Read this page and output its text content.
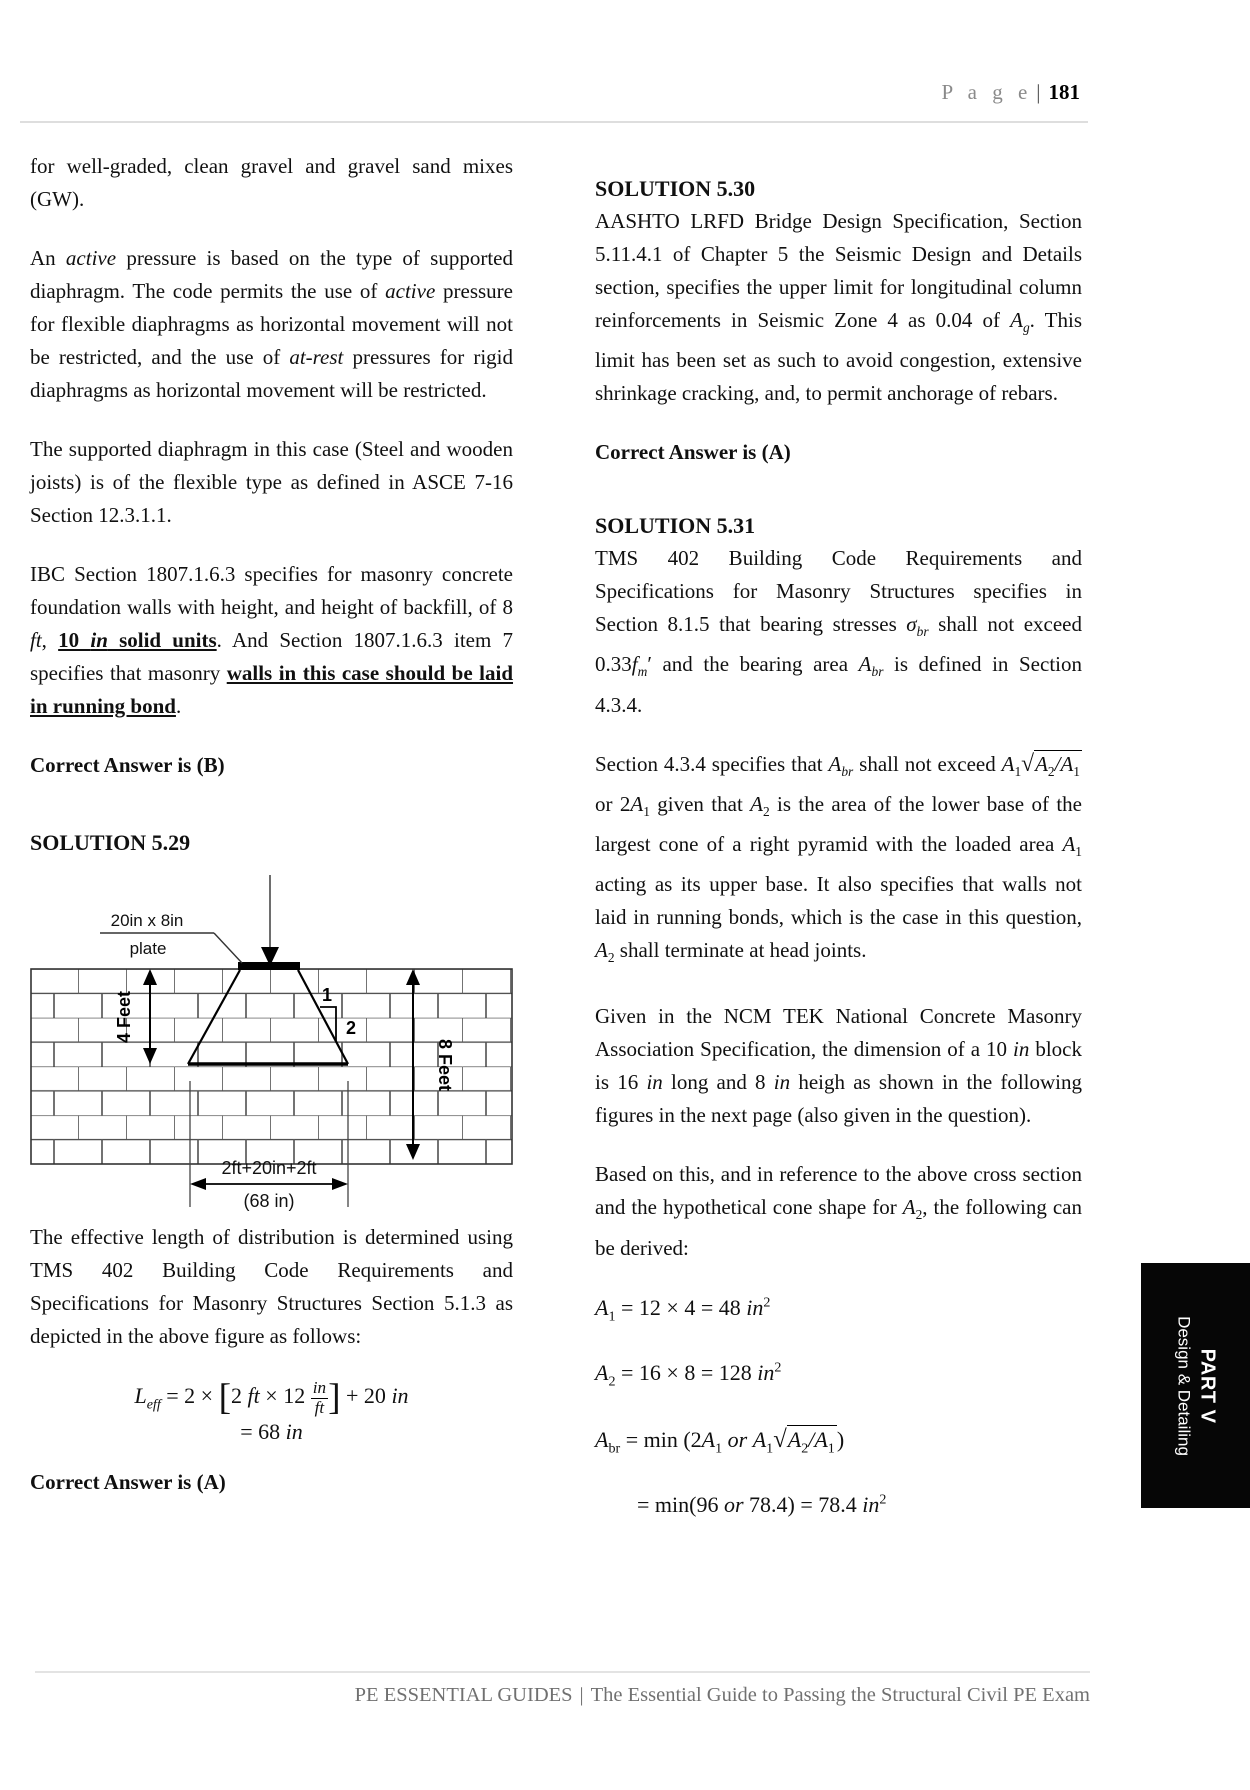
P a g e | 181

for well-graded, clean gravel and gravel sand mixes (GW).

An active pressure is based on the type of supported diaphragm. The code permits the use of active pressure for flexible diaphragms as horizontal movement will not be restricted, and the use of at-rest pressures for rigid diaphragms as horizontal movement will be restricted.

The supported diaphragm in this case (Steel and wooden joists) is of the flexible type as defined in ASCE 7-16 Section 12.3.1.1.

IBC Section 1807.1.6.3 specifies for masonry concrete foundation walls with height, and height of backfill, of 8 ft, 10 in solid units. And Section 1807.1.6.3 item 7 specifies that masonry walls in this case should be laid in running bond.

Correct Answer is (B)
SOLUTION 5.29
20in x 8in
plate
1
2
4 Feet
8 Feet
2ft+20in+2ft
(68 in)

The effective length of distribution is determined using TMS 402 Building Code Requirements and Specifications for Masonry Structures Section 5.1.3 as depicted in the above figure as follows:

$L_{eff} = 2 \times [2$ ft × $12 \frac{in}{ft}$ ] + 20 in
= 68 in
Correct Answer is (A)
SOLUTION 5.30

AASHTO LRFD Bridge Design Specification, Section 5.11.4.1 of Chapter 5 the Seismic Design and Details section, specifies the upper limit for longitudinal column reinforcements in Seismic Zone 4 as 0.04 of $A_g$. This limit has been set as such to avoid congestion, extensive shrinkage cracking, and, to permit anchorage of rebars.

Correct Answer is (A)
SOLUTION 5.31

TMS 402 Building Code Requirements and Specifications for Masonry Structures specifies in Section 8.1.5 that bearing stresses $\sigma_{br}$ shall not exceed $0.33f_m'$ and the bearing area $A_{br}$ is defined in Section 4.3.4.

Section 4.3.4 specifies that $A_{br}$ shall not exceed $A_1√A_2/A_1$ or $2A_1$ given that $A_2$ is the area of the lower base of the largest cone of a right pyramid with the loaded area $A_1$ acting as its upper base. It also specifies that walls not laid in running bonds, which is the case in this question, $A_2$ shall terminate at head joints.

Given in the NCM TEK National Concrete Masonry Association Specification, the dimension of a 10 in block is 16 in long and 8 in heigh as shown in the following figures in the next page (also given in the question).

Based on this, and in reference to the above cross section and the hypothetical cone shape for $A_2$, the following can be derived:

$A_1 = 12 \times 4 = 48$ $in^2$
$A_2 = 16 \times 8 = 128$ $in^2$
$A_{br} = \min (2A_1$ or $A_1√A_2/A_1$)
= min(96 or 78.4) = 78.4 $in^2$
PART V
Design & Detailing
PE ESSENTIAL GUIDES | The Essential Guide to Passing the Structural Civil PE Exam
